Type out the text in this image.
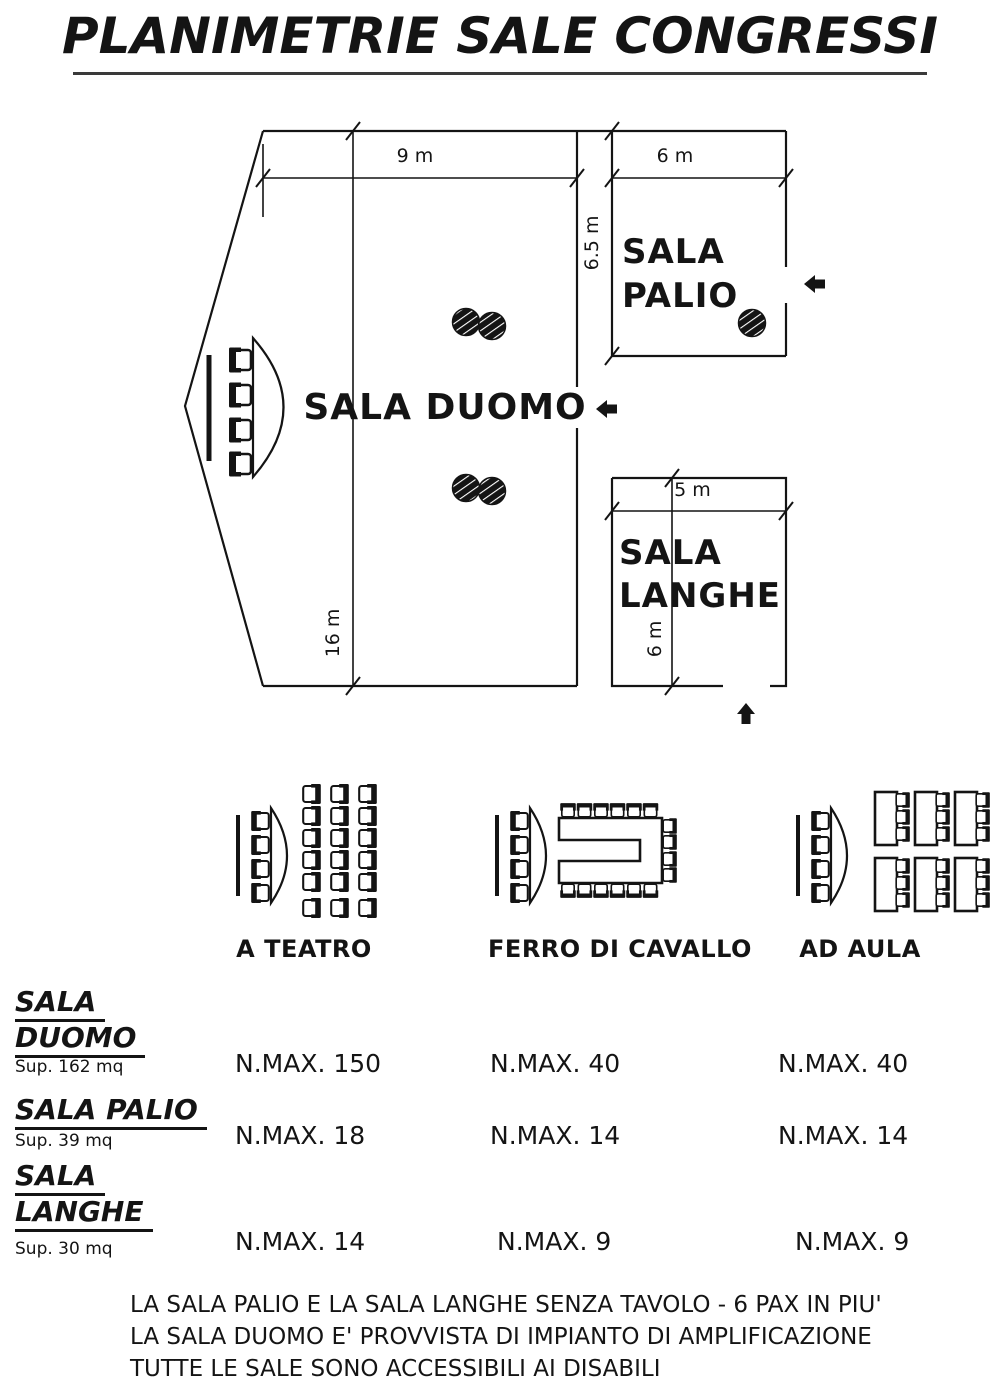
PLANIMETRIE SALE CONGRESSI
SALA DUOMO
SALA
PALIO
SALA
LANGHE
9 m	6 m
6.5 m
16 m
5 m
6 m
A TEATRO	FERRO DI CAVALLO	AD AULA
SALA
DUOMO
Sup. 162 mq	N.MAX. 150	N.MAX. 40	N.MAX. 40
SALA PALIO
Sup. 39 mq	N.MAX. 18	N.MAX. 14	N.MAX. 14
SALA
LANGHE
Sup. 30 mq	N.MAX. 14	N.MAX. 9	N.MAX. 9
LA SALA PALIO E LA SALA LANGHE SENZA TAVOLO - 6 PAX IN PIU'
LA SALA DUOMO E' PROVVISTA DI IMPIANTO DI AMPLIFICAZIONE
TUTTE LE SALE SONO ACCESSIBILI AI DISABILI
